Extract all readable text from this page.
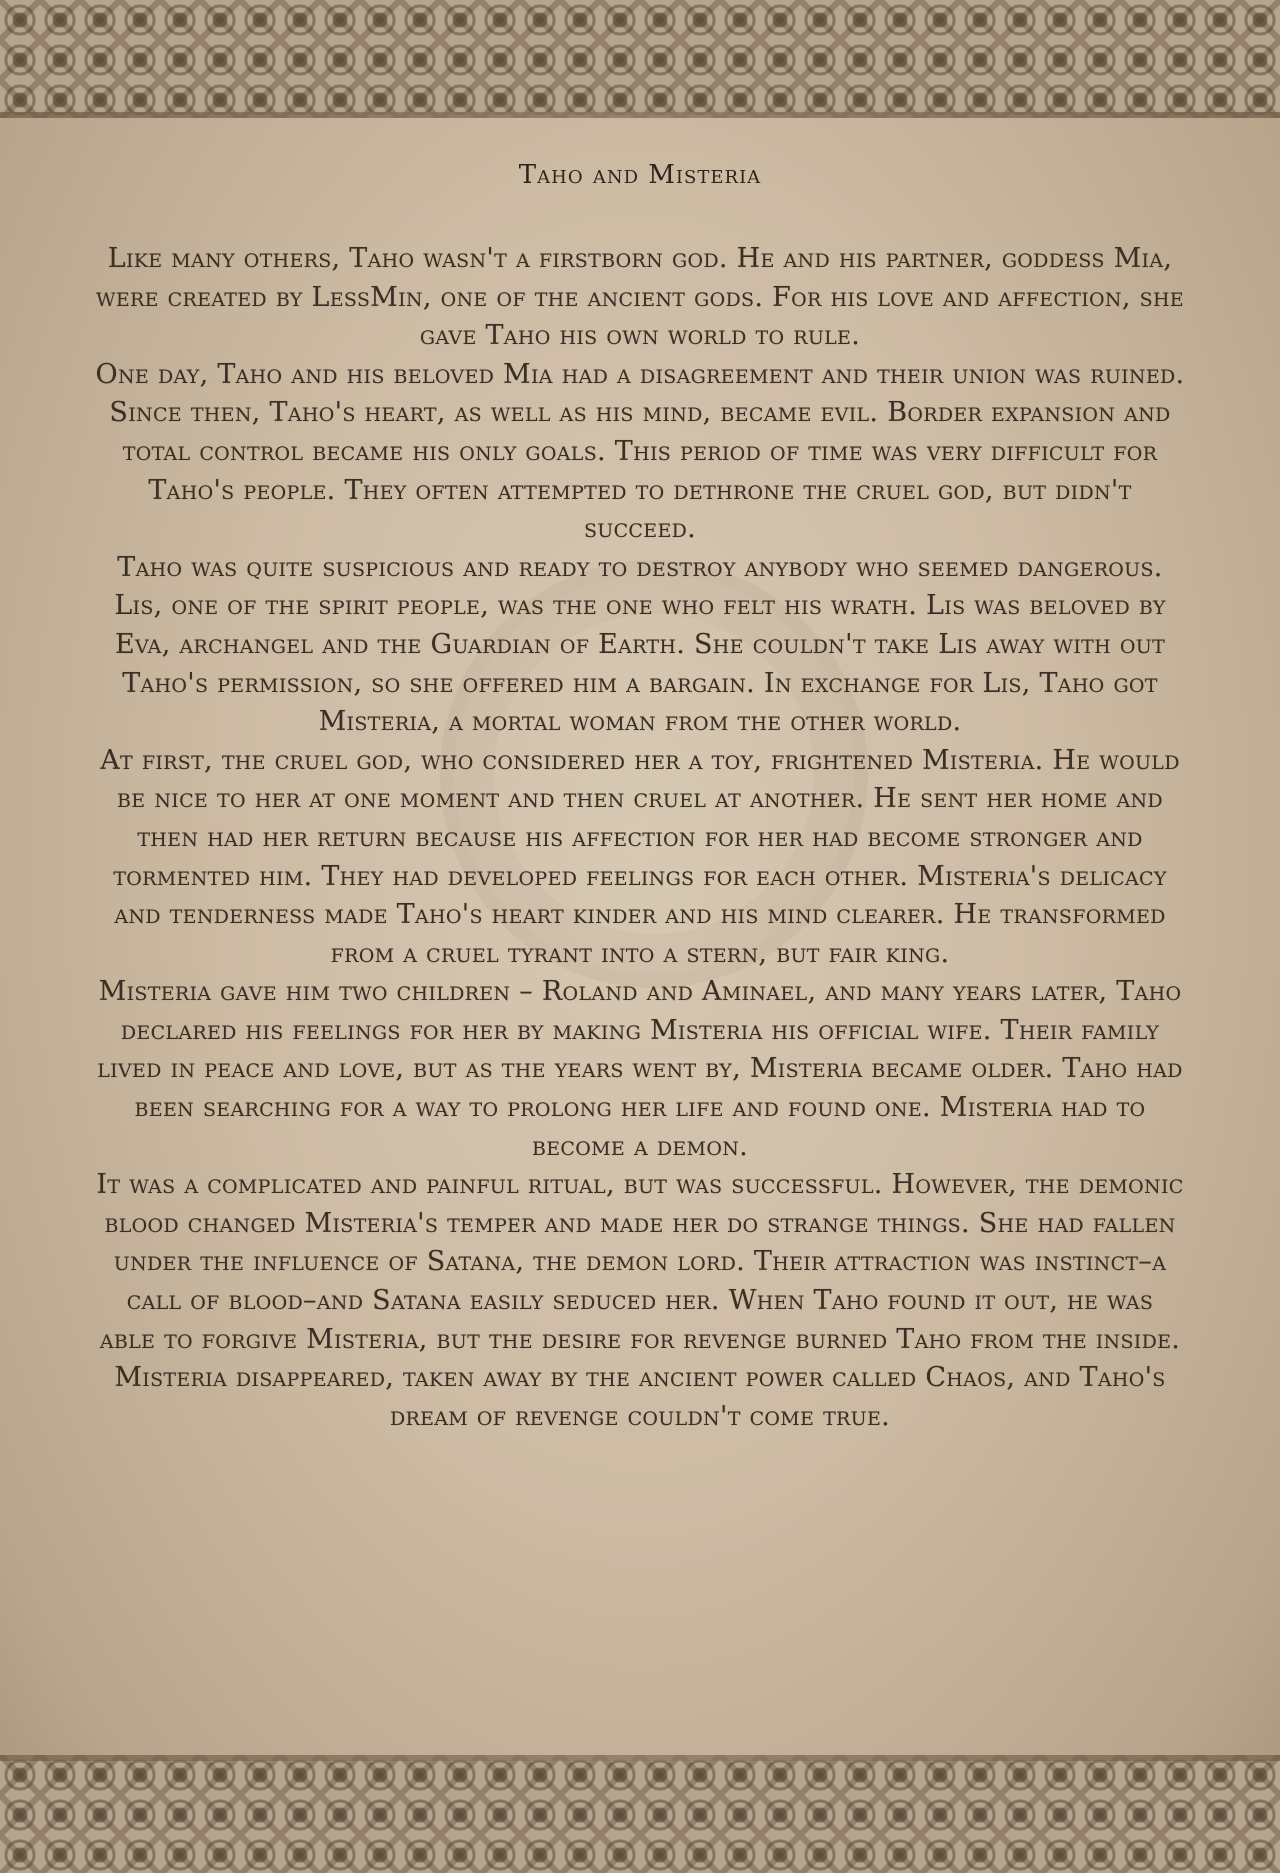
Taho and Misteria

Like many others, Taho wasn't a firstborn god. He and his partner, goddess Mia, were created by LessMin, one of the ancient gods. For his love and affection, she gave Taho his own world to rule.

One day, Taho and his beloved Mia had a disagreement and their union was ruined. Since then, Taho's heart, as well as his mind, became evil. Border expansion and total control became his only goals. This period of time was very difficult for Taho's people. They often attempted to dethrone the cruel god, but didn't succeed.

Taho was quite suspicious and ready to destroy anybody who seemed dangerous. Lis, one of the spirit people, was the one who felt his wrath. Lis was beloved by Eva, archangel and the Guardian of Earth. She couldn't take Lis away with out Taho's permission, so she offered him a bargain. In exchange for Lis, Taho got Misteria, a mortal woman from the other world.

At first, the cruel god, who considered her a toy, frightened Misteria. He would be nice to her at one moment and then cruel at another. He sent her home and then had her return because his affection for her had become stronger and tormented him. They had developed feelings for each other. Misteria's delicacy and tenderness made Taho's heart kinder and his mind clearer. He transformed from a cruel tyrant into a stern, but fair king.

Misteria gave him two children – Roland and Aminael, and many years later, Taho declared his feelings for her by making Misteria his official wife. Their family lived in peace and love, but as the years went by, Misteria became older. Taho had been searching for a way to prolong her life and found one. Misteria had to become a demon.

It was a complicated and painful ritual, but was successful. However, the demonic blood changed Misteria's temper and made her do strange things. She had fallen under the influence of Satana, the demon lord. Their attraction was instinct–a call of blood–and Satana easily seduced her. When Taho found it out, he was able to forgive Misteria, but the desire for revenge burned Taho from the inside. Misteria disappeared, taken away by the ancient power called Chaos, and Taho's dream of revenge couldn't come true.
